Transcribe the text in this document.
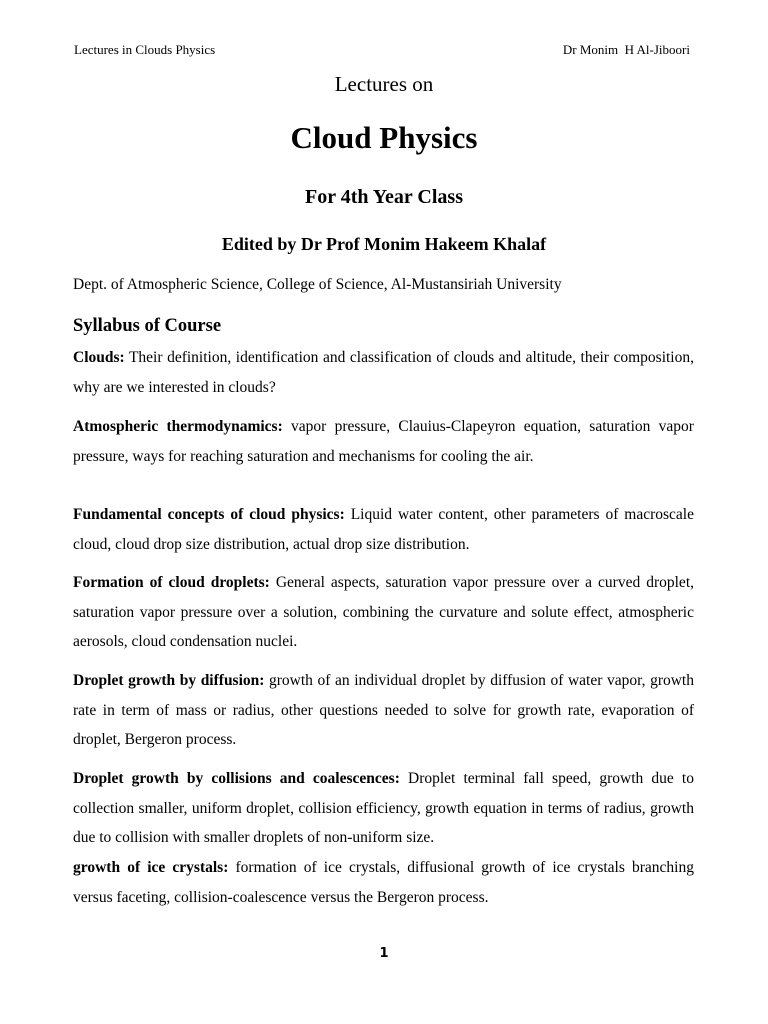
Lectures in Clouds Physics	Dr Monim  H Al-Jiboori
Lectures on
Cloud Physics
For 4th Year Class
Edited by Dr Prof Monim Hakeem Khalaf
Dept. of Atmospheric Science, College of Science, Al-Mustansiriah University
Syllabus of Course

Clouds: Their definition, identification and classification of clouds and altitude, their composition, why are we interested in clouds?

Atmospheric thermodynamics: vapor pressure, Clauius-Clapeyron equation, saturation vapor pressure, ways for reaching saturation and mechanisms for cooling the air.

Fundamental concepts of cloud physics: Liquid water content, other parameters of macroscale cloud, cloud drop size distribution, actual drop size distribution.

Formation of cloud droplets: General aspects, saturation vapor pressure over a curved droplet, saturation vapor pressure over a solution, combining the curvature and solute effect, atmospheric aerosols, cloud condensation nuclei.

Droplet growth by diffusion: growth of an individual droplet by diffusion of water vapor, growth rate in term of mass or radius, other questions needed to solve for growth rate, evaporation of droplet, Bergeron process.

Droplet growth by collisions and coalescences: Droplet terminal fall speed, growth due to collection smaller, uniform droplet, collision efficiency, growth equation in terms of radius, growth due to collision with smaller droplets of non-uniform size.

growth of ice crystals: formation of ice crystals, diffusional growth of ice crystals branching versus faceting, collision-coalescence versus the Bergeron process.

1
